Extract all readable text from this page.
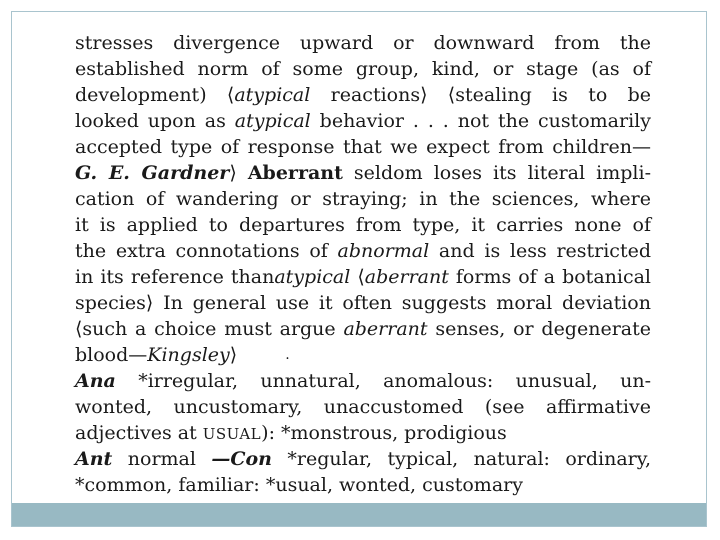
stresses divergence upward or downward from the
established norm of some group, kind, or stage (as of
development) ⟨atypical reactions⟩ ⟨stealing is to be
looked upon as atypical behavior . . . not the customarily
accepted type of response that we expect from children—
G. E. Gardner⟩ Aberrant seldom loses its literal impli-
cation of wandering or straying; in the sciences, where
it is applied to departures from type, it carries none of
the extra connotations of abnormal and is less restricted
in its reference thanatypical ⟨aberrant forms of a botanical
species⟩ In general use it often suggests moral deviation
⟨such a choice must argue aberrant senses, or degenerate
blood—Kingsley⟩	.
Ana *irregular, unnatural, anomalous: unusual, un-
wonted, uncustomary, unaccustomed (see affirmative
adjectives at USUAL): *monstrous, prodigious
Ant normal —Con *regular, typical, natural: ordinary,
*common, familiar: *usual, wonted, customary
